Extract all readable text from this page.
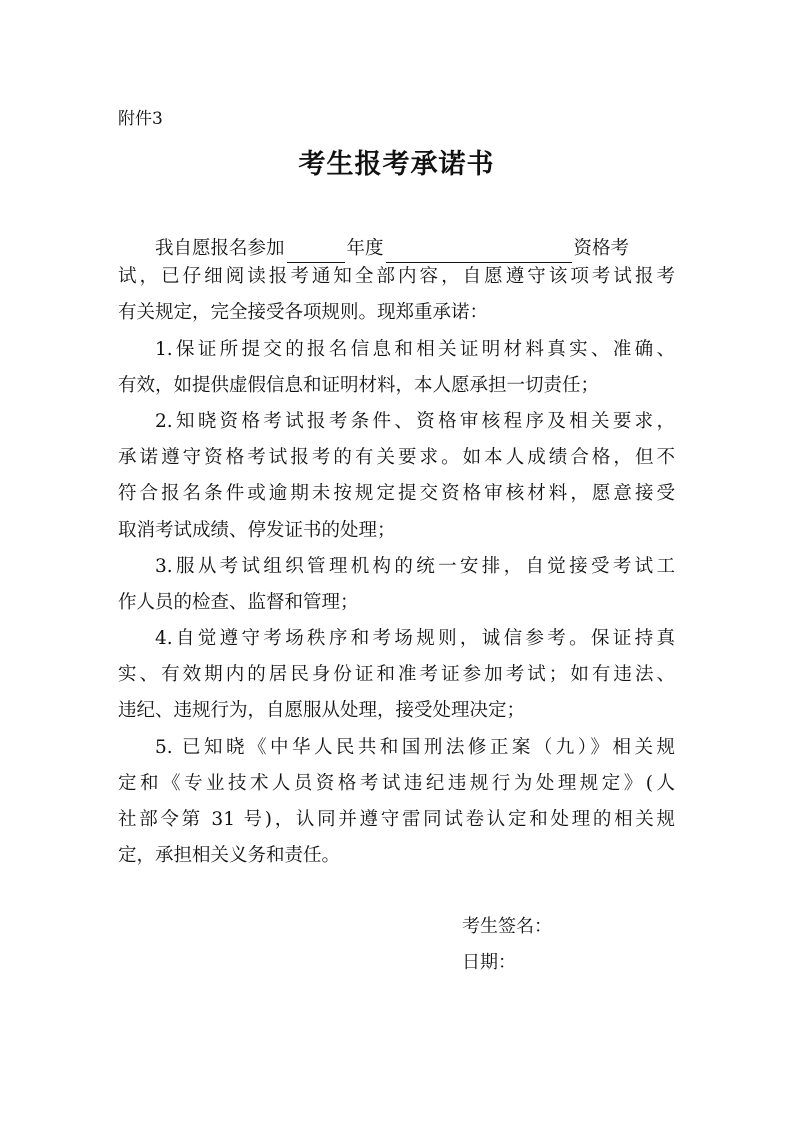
附件3
考生报考承诺书
我自愿报名参加	年度	资格考
试，已仔细阅读报考通知全部内容，自愿遵守该项考试报考
有关规定，完全接受各项规则。现郑重承诺：
1.保证所提交的报名信息和相关证明材料真实、准确、
有效，如提供虚假信息和证明材料，本人愿承担一切责任；
2.知晓资格考试报考条件、资格审核程序及相关要求，
承诺遵守资格考试报考的有关要求。如本人成绩合格，但不
符合报名条件或逾期未按规定提交资格审核材料，愿意接受
取消考试成绩、停发证书的处理；
3.服从考试组织管理机构的统一安排，自觉接受考试工
作人员的检查、监督和管理；
4.自觉遵守考场秩序和考场规则，诚信参考。保证持真
实、有效期内的居民身份证和准考证参加考试；如有违法、
违纪、违规行为，自愿服从处理，接受处理决定；
5. 已知晓《中华人民共和国刑法修正案（九）》相关规
定和《专业技术人员资格考试违纪违规行为处理规定》(人
社部令第 31 号)，认同并遵守雷同试卷认定和处理的相关规
定，承担相关义务和责任。
考生签名：
日期：
